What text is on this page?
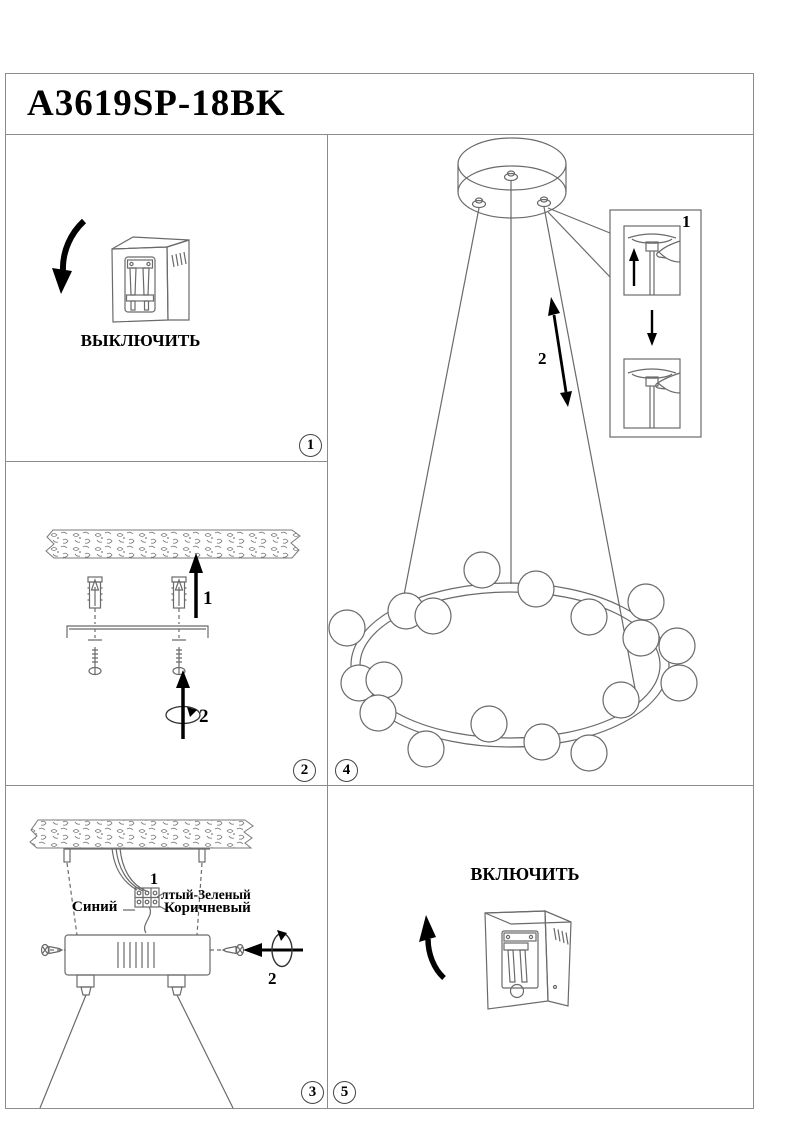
A3619SP-18BK
ВЫКЛЮЧИТЬ
1
2
1
лтый-Зеленый
Синий	Коричневый
2
1
2
ВКЛЮЧИТЬ
1
2	4
3	5
